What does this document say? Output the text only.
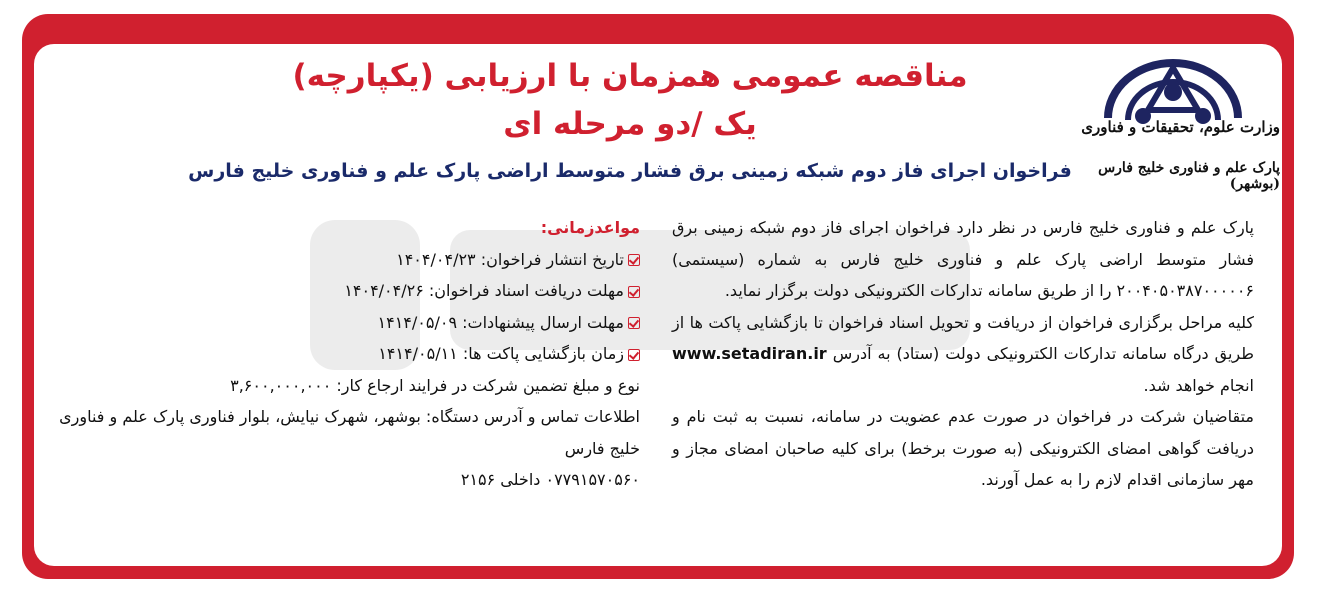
وزارت علوم، تحقیقات و فناوری
پارک علم و فناوری خلیج فارس (بوشهر)
مناقصه عمومی همزمان با ارزیابی (یکپارچه)
یک /دو مرحله ای
فراخوان اجرای فاز دوم شبکه زمینی برق فشار متوسط اراضی پارک علم و فناوری خلیج فارس

پارک علم و فناوری خلیج فارس در نظر دارد فراخوان اجرای فاز دوم شبکه زمینی برق فشار متوسط اراضی پارک علم و فناوری خلیج فارس به شماره (سیستمی) ۲۰۰۴۰۵۰۳۸۷۰۰۰۰۰۶ را از طریق سامانه تدارکات الکترونیکی دولت برگزار نماید.

کلیه مراحل برگزاری فراخوان از دریافت و تحویل اسناد فراخوان تا بازگشایی پاکت ها از طریق درگاه سامانه تدارکات الکترونیکی دولت (ستاد) به آدرس www.setadiran.ir انجام خواهد شد.

متقاضیان شرکت در فراخوان در صورت عدم عضویت در سامانه، نسبت به ثبت نام و دریافت گواهی امضای الکترونیکی (به صورت برخط) برای کلیه صاحبان امضای مجاز و مهر سازمانی اقدام لازم را به عمل آورند.

مواعدزمانی:
تاریخ انتشار فراخوان: ۱۴۰۴/۰۴/۲۳
مهلت دریافت اسناد فراخوان: ۱۴۰۴/۰۴/۲۶
مهلت ارسال پیشنهادات: ۱۴۱۴/۰۵/۰۹
زمان بازگشایی پاکت ها: ۱۴۱۴/۰۵/۱۱
نوع و مبلغ تضمین شرکت در فرایند ارجاع کار: ۳,۶۰۰,۰۰۰,۰۰۰
اطلاعات تماس و آدرس دستگاه: بوشهر، شهرک نیایش، بلوار فناوری پارک علم و فناوری خلیج فارس
۰۷۷۹۱۵۷۰۵۶۰ داخلی ۲۱۵۶
